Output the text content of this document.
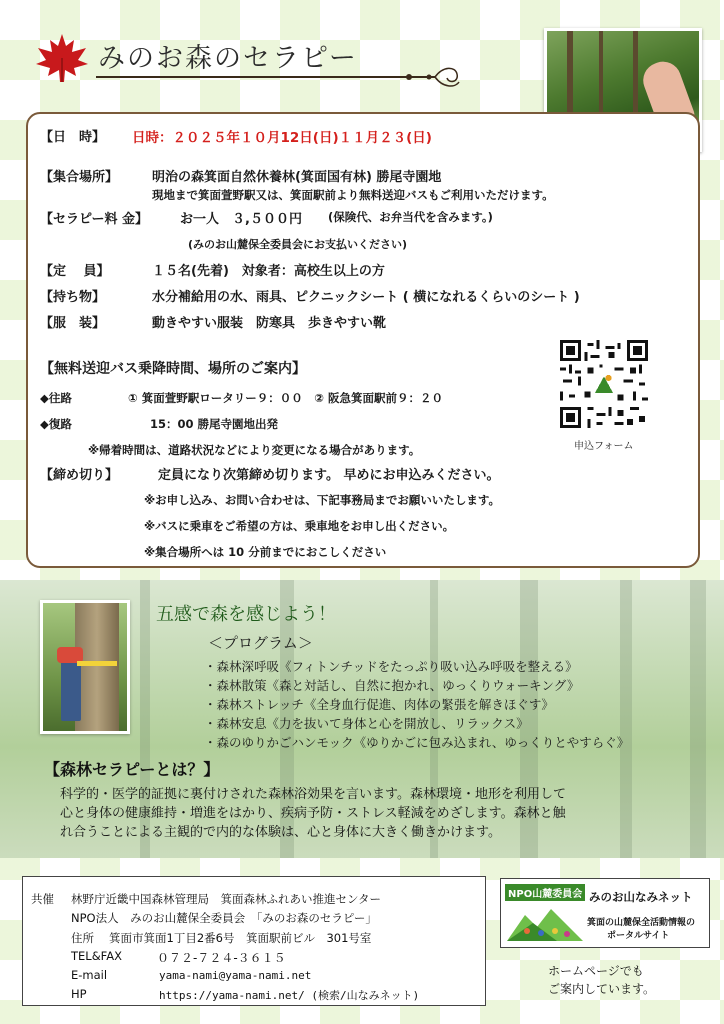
みのお森のセラピー
【日　時】 日時：２０２５年１０月12日(日)１１月２３(日)
【集合場所】	明治の森箕面自然休養林(箕面国有林) 勝尾寺園地
現地まで箕面萱野駅又は、箕面駅前より無料送迎バスもご利用いただけます。
【セラピー料 金】 お一人　３,５００円 (保険代、お弁当代を含みます。)
(みのお山麓保全委員会にお支払いください)
【定　 員】	１５名(先着)　対象者：高校生以上の方
【持ち物】	水分補給用の水、雨具、ピクニックシート ( 横になれるくらいのシート )
【服　装】	動きやすい服装　防寒具　歩きやすい靴
【無料送迎バス乗降時間、場所のご案内】
◆往路	① 箕面萱野駅ロータリー９：００　② 阪急箕面駅前９：２０
◆復路	15：00 勝尾寺園地出発
※帰着時間は、道路状況などにより変更になる場合があります。
【締め切り】	定員になり次第締め切ります。 早めにお申込みください。
※お申し込み、お問い合わせは、下記事務局までお願いいたします。
※バスに乗車をご希望の方は、乗車地をお申し出ください。
※集合場所へは 10 分前までにおこしください
申込フォーム
五感で森を感じよう！
＜プログラム＞
・森林深呼吸《フィトンチッドをたっぷり吸い込み呼吸を整える》
・森林散策《森と対話し、自然に抱かれ、ゆっくりウォーキング》
・森林ストレッチ《全身血行促進、肉体の緊張を解きほぐす》
・森林安息《力を抜いて身体と心を開放し、リラックス》
・森のゆりかごハンモック《ゆりかごに包み込まれ、ゆっくりとやすらぐ》
【森林セラピーとは？】
科学的・医学的証拠に裏付けされた森林浴効果を言います。森林環境・地形を利用して
心と身体の健康維持・増進をはかり、疾病予防・ストレス軽減をめざします。森林と触
れ合うことによる主観的で内的な体験は、心と身体に大きく働きかけます。
共催 林野庁近畿中国森林管理局　箕面森林ふれあい推進センター
NPO法人　みのお山麓保全委員会　「みのお森のセラピー」
住所 箕面市箕面1丁目2番6号　箕面駅前ビル　301号室
TEL&FAX	０７２-７２４-３６１５
E-mail	yama-nami@yama-nami.net
HP	https://yama-nami.net/ (検索/山なみネット)
NPO山麓委員会 みのお山なみネット
箕面の山麓保全活動情報の
ポータルサイト
ホームページでも
ご案内しています。
